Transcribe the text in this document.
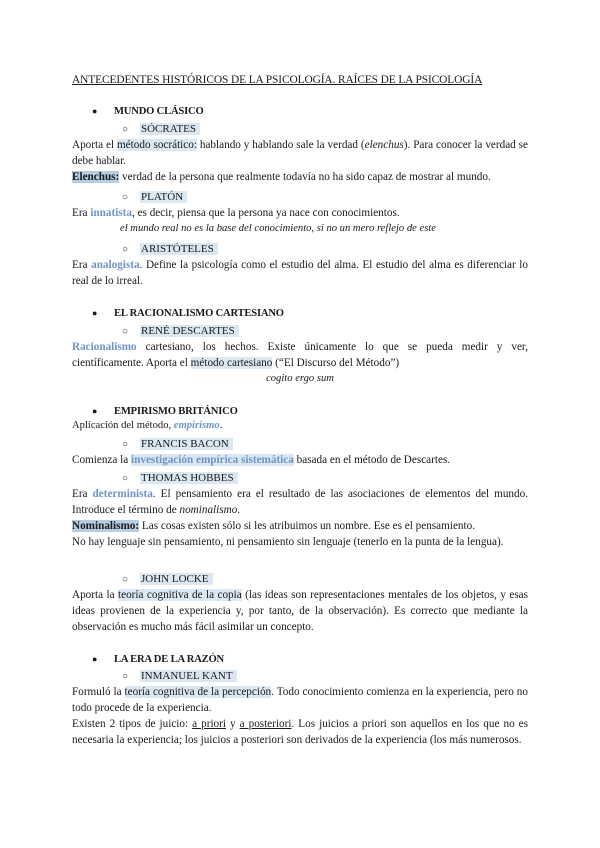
ANTECEDENTES HISTÓRICOS DE LA PSICOLOGÍA. RAÍCES DE LA PSICOLOGÍA
● MUNDO CLÁSICO
○ SÓCRATES
Aporta el método socrático: hablando y hablando sale la verdad (elenchus). Para conocer la verdad se debe hablar.
Elenchus: verdad de la persona que realmente todavía no ha sido capaz de mostrar al mundo.
○ PLATÓN
Era innatista, es decir, piensa que la persona ya nace con conocimientos.
el mundo real no es la base del conocimiento, si no un mero reflejo de este
○ ARISTÓTELES
Era analogista. Define la psicología como el estudio del alma. El estudio del alma es diferenciar lo real de lo irreal.
● EL RACIONALISMO CARTESIANO
○ RENÉ DESCARTES
Racionalismo cartesiano, los hechos. Existe únicamente lo que se pueda medir y ver, científicamente. Aporta el método cartesiano (“El Discurso del Método”)
cogito ergo sum
● EMPIRISMO BRITÁNICO
Aplicación del método, empirismo.
○ FRANCIS BACON
Comienza la investigación empírica sistemática basada en el método de Descartes.
○ THOMAS HOBBES
Era determinista. El pensamiento era el resultado de las asociaciones de elementos del mundo. Introduce el término de nominalismo.
Nominalismo: Las cosas existen sólo si les atribuimos un nombre. Ese es el pensamiento.
No hay lenguaje sin pensamiento, ni pensamiento sin lenguaje (tenerlo en la punta de la lengua).
○ JOHN LOCKE
Aporta la teoría cognitiva de la copia (las ideas son representaciones mentales de los objetos, y esas ideas provienen de la experiencia y, por tanto, de la observación). Es correcto que mediante la observación es mucho más fácil asimilar un concepto.
● LA ERA DE LA RAZÓN
○ INMANUEL KANT
Formuló la teoría cognitiva de la percepción. Todo conocimiento comienza en la experiencia, pero no todo procede de la experiencia.
Existen 2 tipos de juicio: a priori y a posteriori. Los juicios a priori son aquellos en los que no es necesaria la experiencia; los juicios a posteriori son derivados de la experiencia (los más numerosos.
